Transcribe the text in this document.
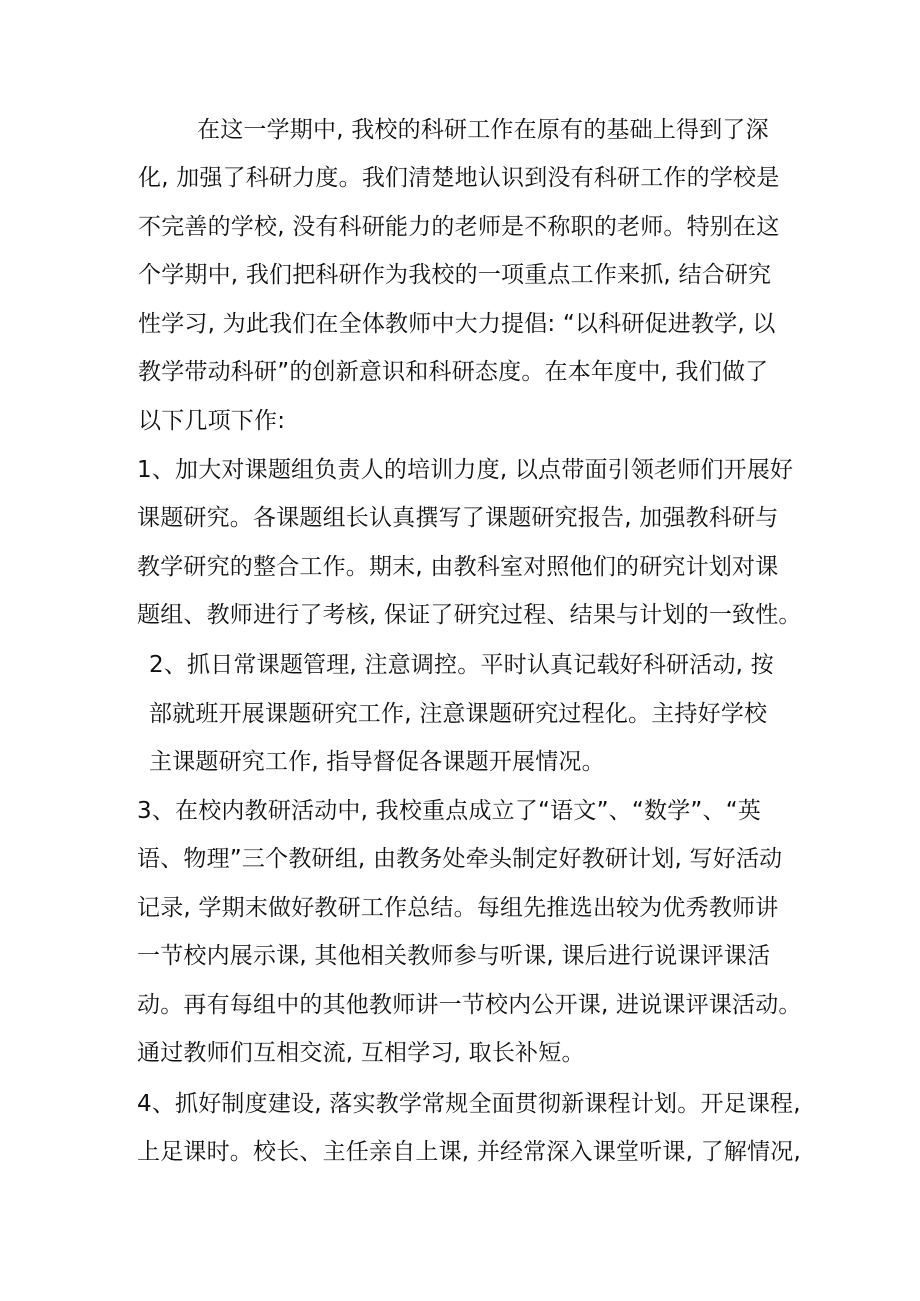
在这一学期中, 我校的科研工作在原有的基础上得到了深
化, 加强了科研力度。我们清楚地认识到没有科研工作的学校是
不完善的学校, 没有科研能力的老师是不称职的老师。特别在这
个学期中, 我们把科研作为我校的一项重点工作来抓, 结合研究
性学习, 为此我们在全体教师中大力提倡: “以科研促进教学, 以
教学带动科研”的创新意识和科研态度。在本年度中, 我们做了
以下几项下作:
1、加大对课题组负责人的培训力度, 以点带面引领老师们开展好
课题研究。各课题组长认真撰写了课题研究报告, 加强教科研与
教学研究的整合工作。期末, 由教科室对照他们的研究计划对课
题组、教师进行了考核, 保证了研究过程、结果与计划的一致性。
2、抓日常课题管理, 注意调控。平时认真记载好科研活动, 按
部就班开展课题研究工作, 注意课题研究过程化。主持好学校
主课题研究工作, 指导督促各课题开展情况。
3、在校内教研活动中, 我校重点成立了“语文”、“数学”、“英
语、物理”三个教研组, 由教务处牵头制定好教研计划, 写好活动
记录, 学期末做好教研工作总结。每组先推选出较为优秀教师讲
一节校内展示课, 其他相关教师参与听课, 课后进行说课评课活
动。再有每组中的其他教师讲一节校内公开课, 进说课评课活动。
通过教师们互相交流, 互相学习, 取长补短。
4、抓好制度建设, 落实教学常规全面贯彻新课程计划。开足课程,
上足课时。校长、主任亲自上课, 并经常深入课堂听课, 了解情况,
